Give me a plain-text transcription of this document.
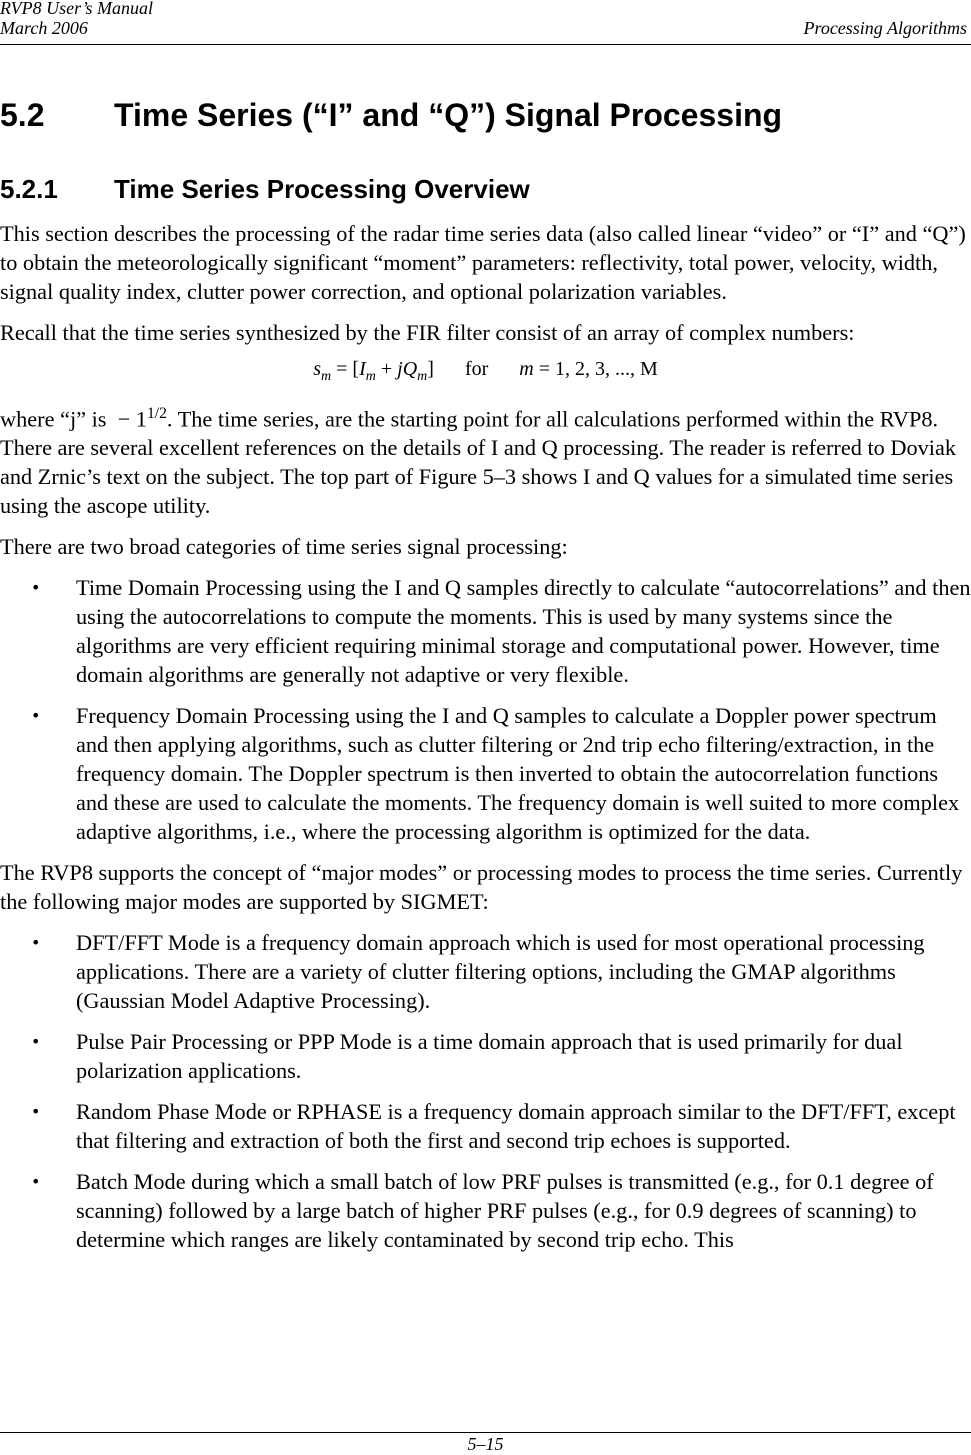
RVP8 User’s Manual
March 2006	Processing Algorithms
5.2 Time Series (“I” and “Q”) Signal Processing
5.2.1 Time Series Processing Overview

This section describes the processing of the radar time series data (also called linear “video” or “I” and “Q”) to obtain the meteorologically significant “moment” parameters: reflectivity, total power, velocity, width, signal quality index, clutter power correction, and optional polarization variables.

Recall that the time series synthesized by the FIR filter consist of an array of complex numbers:

$s_m = [I_m + jQ_m]$ for m = 1, 2, 3, ..., M

where “j” is  − $1^{1/2}$. The time series, are the starting point for all calculations performed within the RVP8. There are several excellent references on the details of I and Q processing. The reader is referred to Doviak and Zrnic’s text on the subject. The top part of Figure 5–3 shows I and Q values for a simulated time series using the ascope utility.

There are two broad categories of time series signal processing:

• Time Domain Processing using the I and Q samples directly to calculate “autocorrelations” and then using the autocorrelations to compute the moments. This is used by many systems since the algorithms are very efficient requiring minimal storage and computational power. However, time domain algorithms are generally not adaptive or very flexible.
• Frequency Domain Processing using the I and Q samples to calculate a Doppler power spectrum and then applying algorithms, such as clutter filtering or 2nd trip echo filtering/extraction, in the frequency domain. The Doppler spectrum is then inverted to obtain the autocorrelation functions and these are used to calculate the moments. The frequency domain is well suited to more complex adaptive algorithms, i.e., where the processing algorithm is optimized for the data.

The RVP8 supports the concept of “major modes” or processing modes to process the time series. Currently the following major modes are supported by SIGMET:

• DFT/FFT Mode is a frequency domain approach which is used for most operational processing applications. There are a variety of clutter filtering options, including the GMAP algorithms (Gaussian Model Adaptive Processing).
• Pulse Pair Processing or PPP Mode is a time domain approach that is used primarily for dual polarization applications.
• Random Phase Mode or RPHASE is a frequency domain approach similar to the DFT/FFT, except that filtering and extraction of both the first and second trip echoes is supported.
• Batch Mode during which a small batch of low PRF pulses is transmitted (e.g., for 0.1 degree of scanning) followed by a large batch of higher PRF pulses (e.g., for 0.9 degrees of scanning) to determine which ranges are likely contaminated by second trip echo. This
5–15
